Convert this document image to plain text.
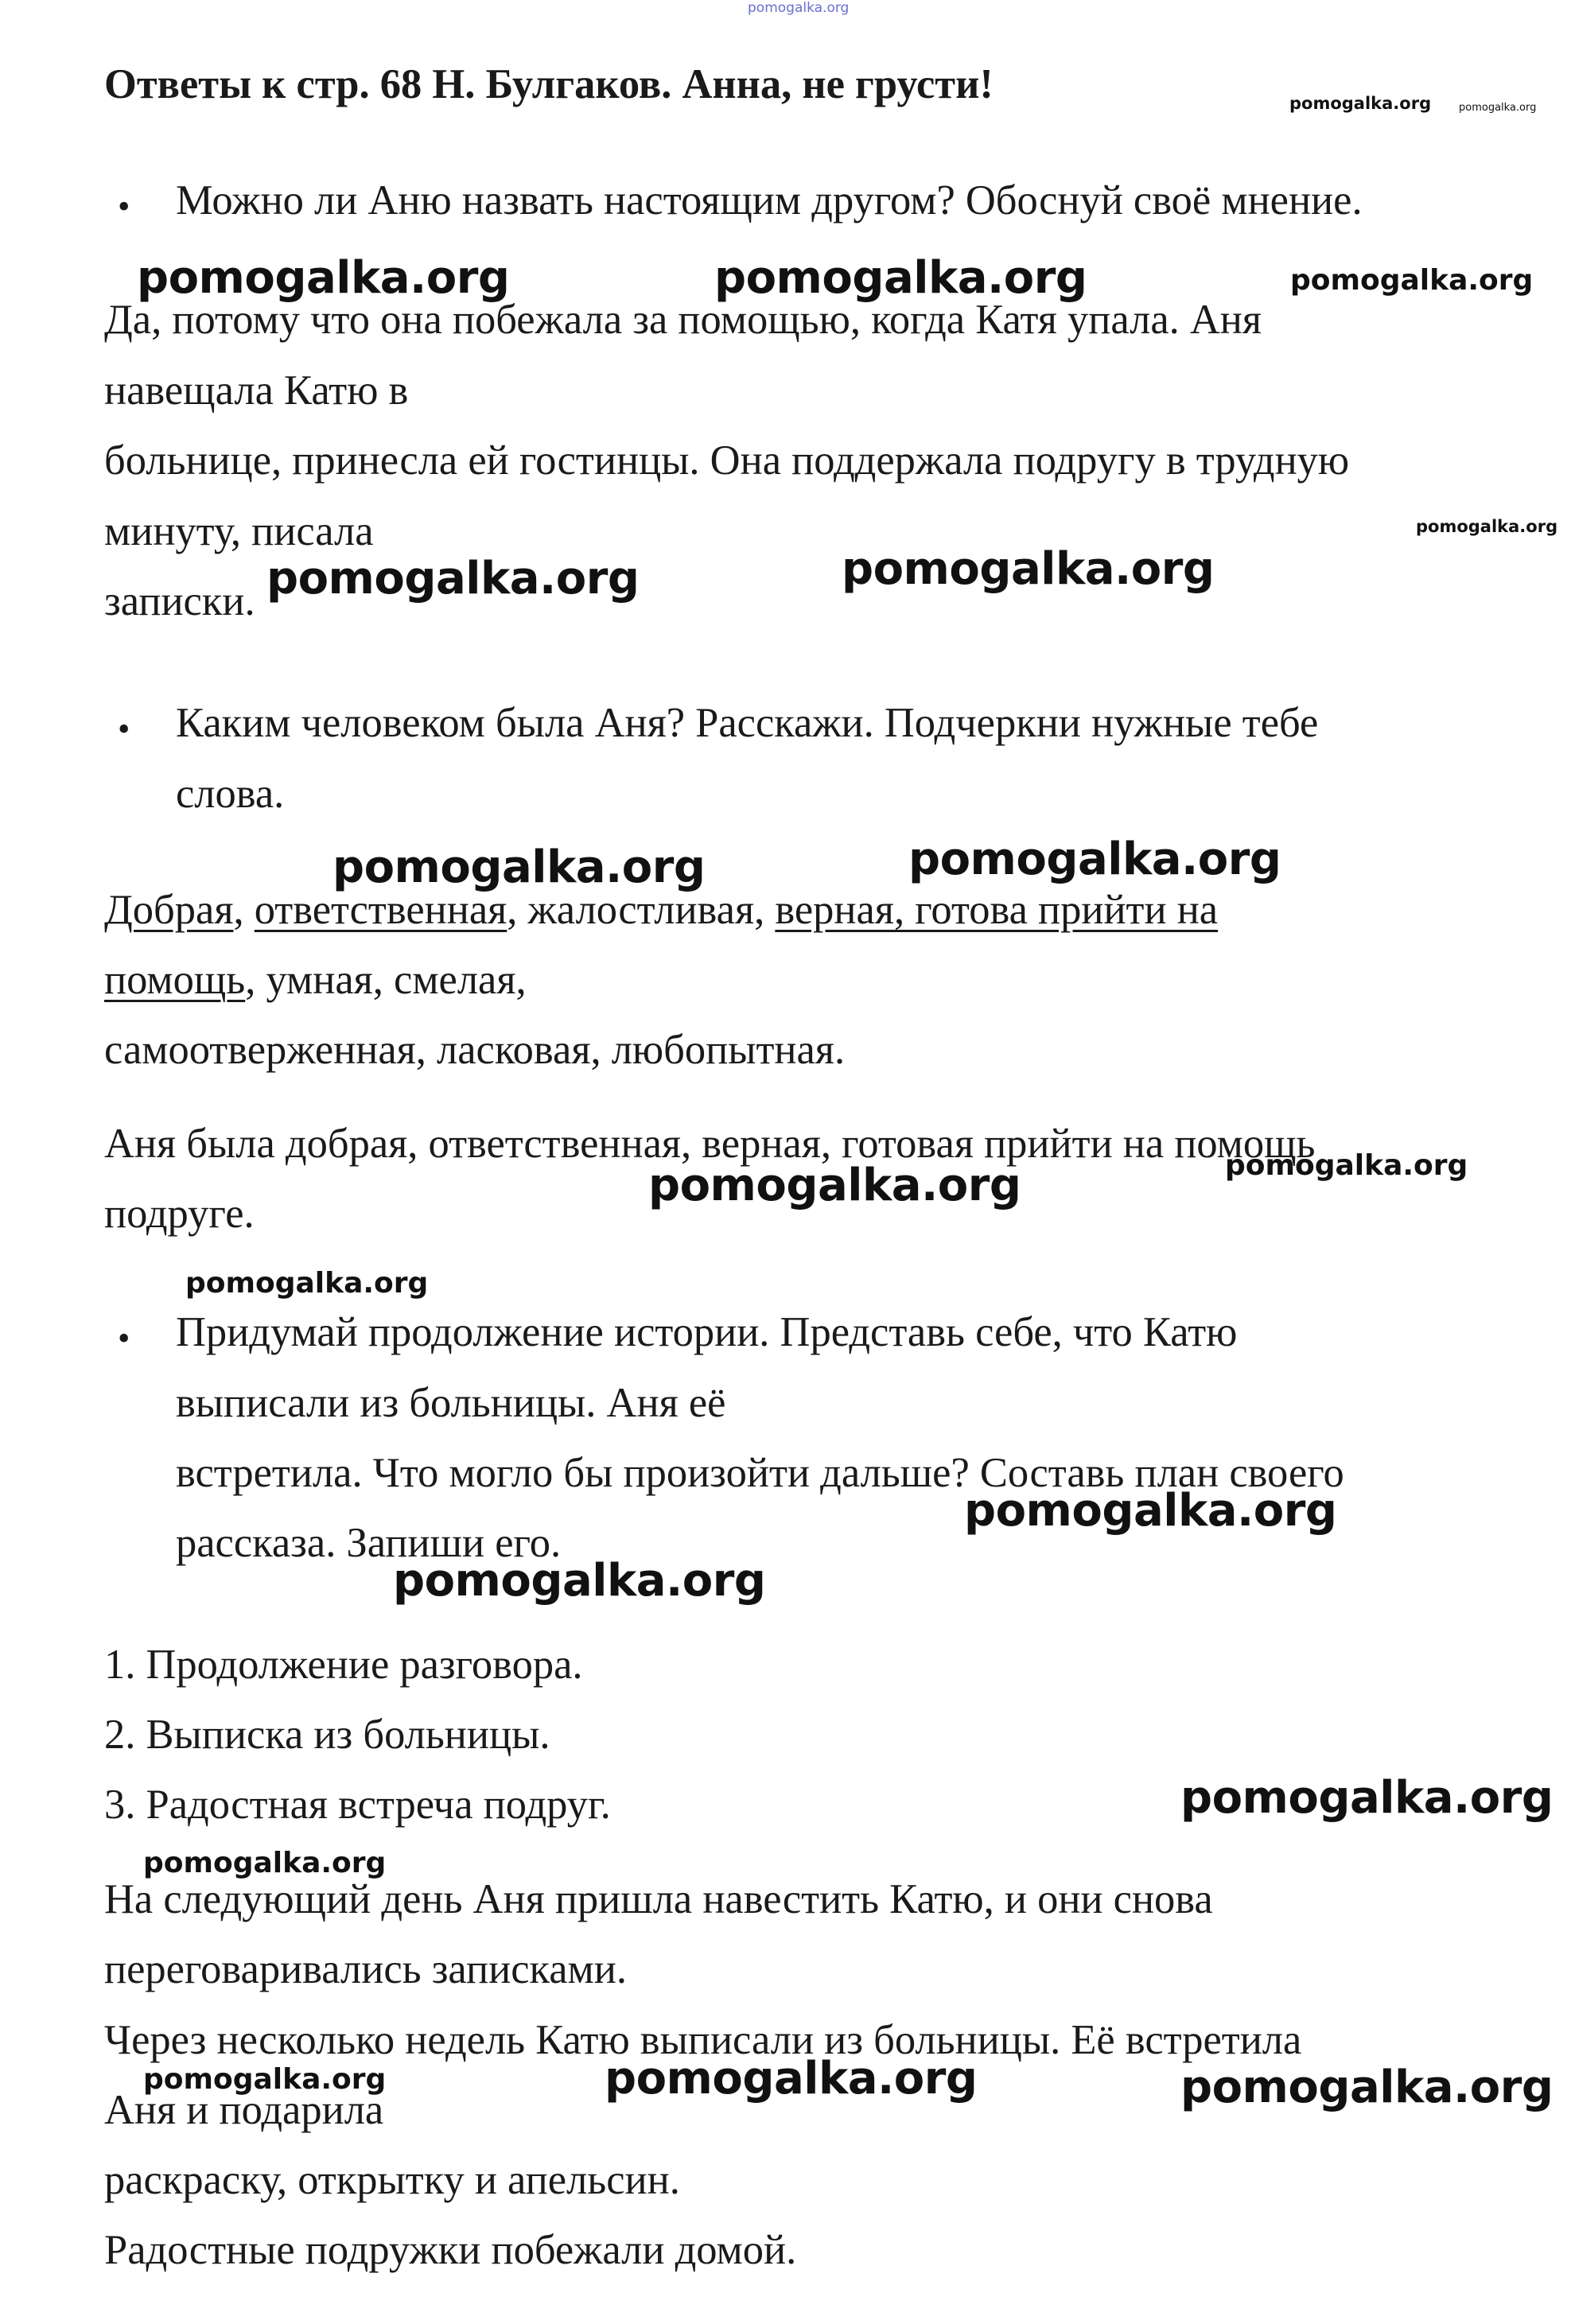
pomogalka.org
Ответы к стр. 68 Н. Булгаков. Анна, не грусти!	pomogalka.org	pomogalka.org
• Можно ли Аню назвать настоящим другом? Обоснуй своё мнение.
pomogalka.org	pomogalka.org	pomogalka.org
Да, потому что она побежала за помощью, когда Катя упала. Аня
навещала Катю в
больнице, принесла ей гостинцы. Она поддержала подругу в трудную
минуту, писала	pomogalka.org
записки. pomogalka.org	pomogalka.org
• Каким человеком была Аня? Расскажи. Подчеркни нужные тебе
слова.
pomogalka.org	pomogalka.org
Добрая, ответственная, жалостливая, верная, готова прийти на
помощь, умная, смелая,
самоотверженная, ласковая, любопытная.
Аня была добрая, ответственная, верная, готовая прийти на помощь
pomogalka.org
pomogalka.org
подруге.
pomogalka.org
• Придумай продолжение истории. Представь себе, что Катю
выписали из больницы. Аня её
встретила. Что могло бы произойти дальше? Составь план своего
pomogalka.org
рассказа. Запиши его.
pomogalka.org
1. Продолжение разговора.
2. Выписка из больницы.
3. Радостная встреча подруг.	pomogalka.org
pomogalka.org
На следующий день Аня пришла навестить Катю, и они снова
переговаривались записками.
Через несколько недель Катю выписали из больницы. Её встретила
pomogalka.org	pomogalka.org	pomogalka.org
Аня и подарила
раскраску, открытку и апельсин.
Радостные подружки побежали домой.
